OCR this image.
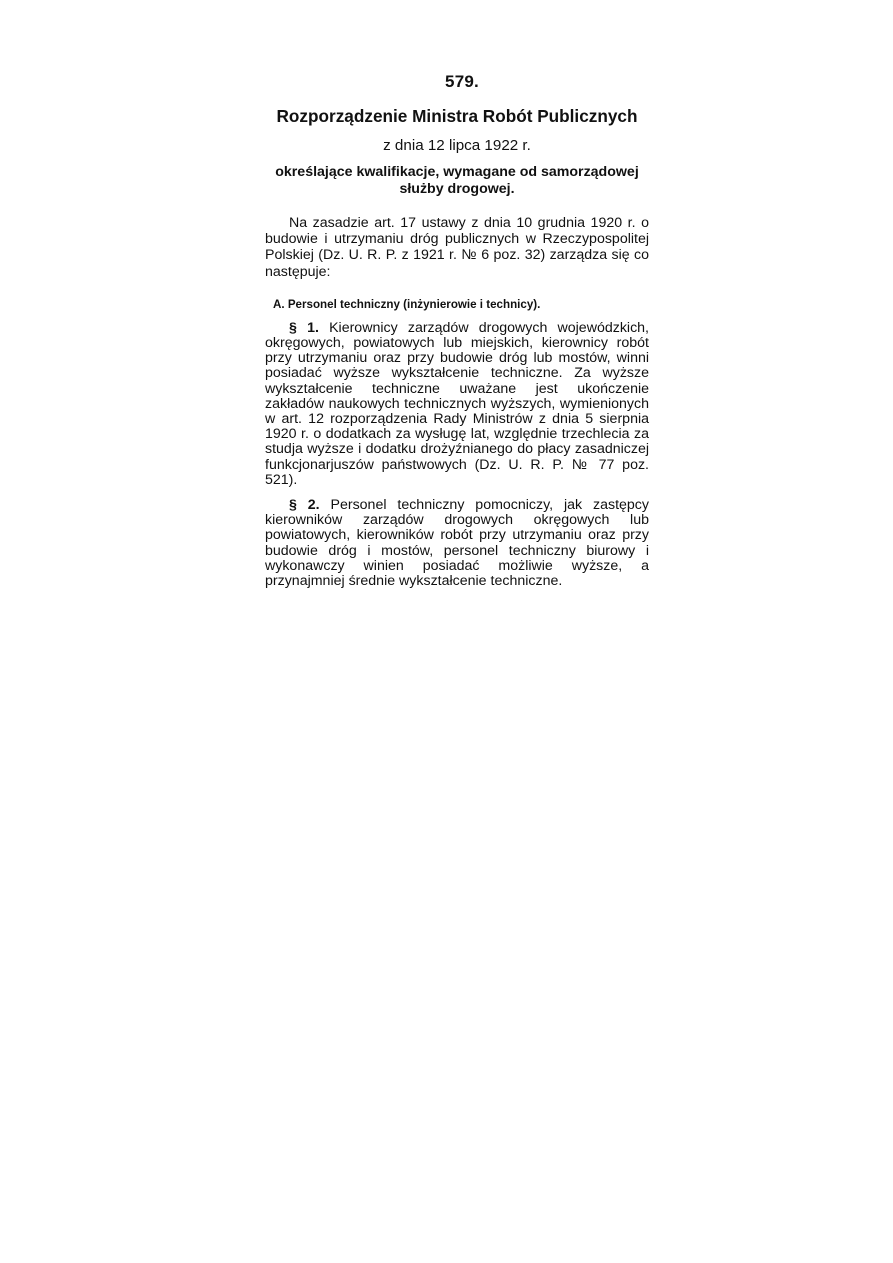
579.
Rozporządzenie Ministra Robót Publicznych
z dnia 12 lipca 1922 r.
określające kwalifikacje, wymagane od samorządowej służby drogowej.
Na zasadzie art. 17 ustawy z dnia 10 grudnia 1920 r. o budowie i utrzymaniu dróg publicznych w Rzeczypospolitej Polskiej (Dz. U. R. P. z 1921 r. № 6 poz. 32) zarządza się co następuje:
A. Personel techniczny (inżynierowie i technicy).
§ 1. Kierownicy zarządów drogowych wojewódzkich, okręgowych, powiatowych lub miejskich, kierownicy robót przy utrzymaniu oraz przy budowie dróg lub mostów, winni posiadać wyższe wykształcenie techniczne. Za wyższe wykształcenie techniczne uważane jest ukończenie zakładów naukowych technicznych wyższych, wymienionych w art. 12 rozporządzenia Rady Ministrów z dnia 5 sierpnia 1920 r. o dodatkach za wysługę lat, względnie trzechlecia za studja wyższe i dodatku drożyźnianego do płacy zasadniczej funkcjonarjuszów państwowych (Dz. U. R. P. № 77 poz. 521).
§ 2. Personel techniczny pomocniczy, jak zastępcy kierowników zarządów drogowych okręgowych lub powiatowych, kierowników robót przy utrzymaniu oraz przy budowie dróg i mostów, personel techniczny biurowy i wykonawczy winien posiadać możliwie wyższe, a przynajmniej średnie wykształcenie techniczne.
